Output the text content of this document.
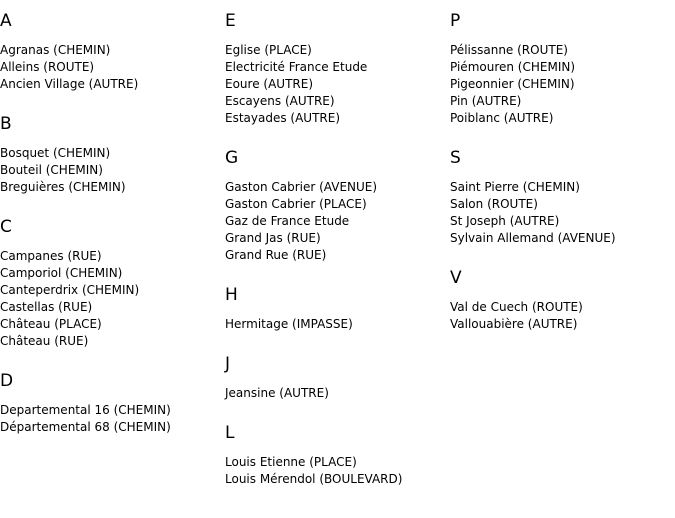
A
Agranas (CHEMIN)
Alleins (ROUTE)
Ancien Village (AUTRE)
B
Bosquet (CHEMIN)
Bouteil (CHEMIN)
Breguières (CHEMIN)
C
Campanes (RUE)
Camporiol (CHEMIN)
Canteperdrix (CHEMIN)
Castellas (RUE)
Château (PLACE)
Château (RUE)
D
Departemental 16 (CHEMIN)
Départemental 68 (CHEMIN)
E
Eglise (PLACE)
Electricité France Etude
Eoure (AUTRE)
Escayens (AUTRE)
Estayades (AUTRE)
G
Gaston Cabrier (AVENUE)
Gaston Cabrier (PLACE)
Gaz de France Etude
Grand Jas (RUE)
Grand Rue (RUE)
H
Hermitage (IMPASSE)
J
Jeansine (AUTRE)
L
Louis Etienne (PLACE)
Louis Mérendol (BOULEVARD)
P
Pélissanne (ROUTE)
Piémouren (CHEMIN)
Pigeonnier (CHEMIN)
Pin (AUTRE)
Poiblanc (AUTRE)
S
Saint Pierre (CHEMIN)
Salon (ROUTE)
St Joseph (AUTRE)
Sylvain Allemand (AVENUE)
V
Val de Cuech (ROUTE)
Vallouabière (AUTRE)
